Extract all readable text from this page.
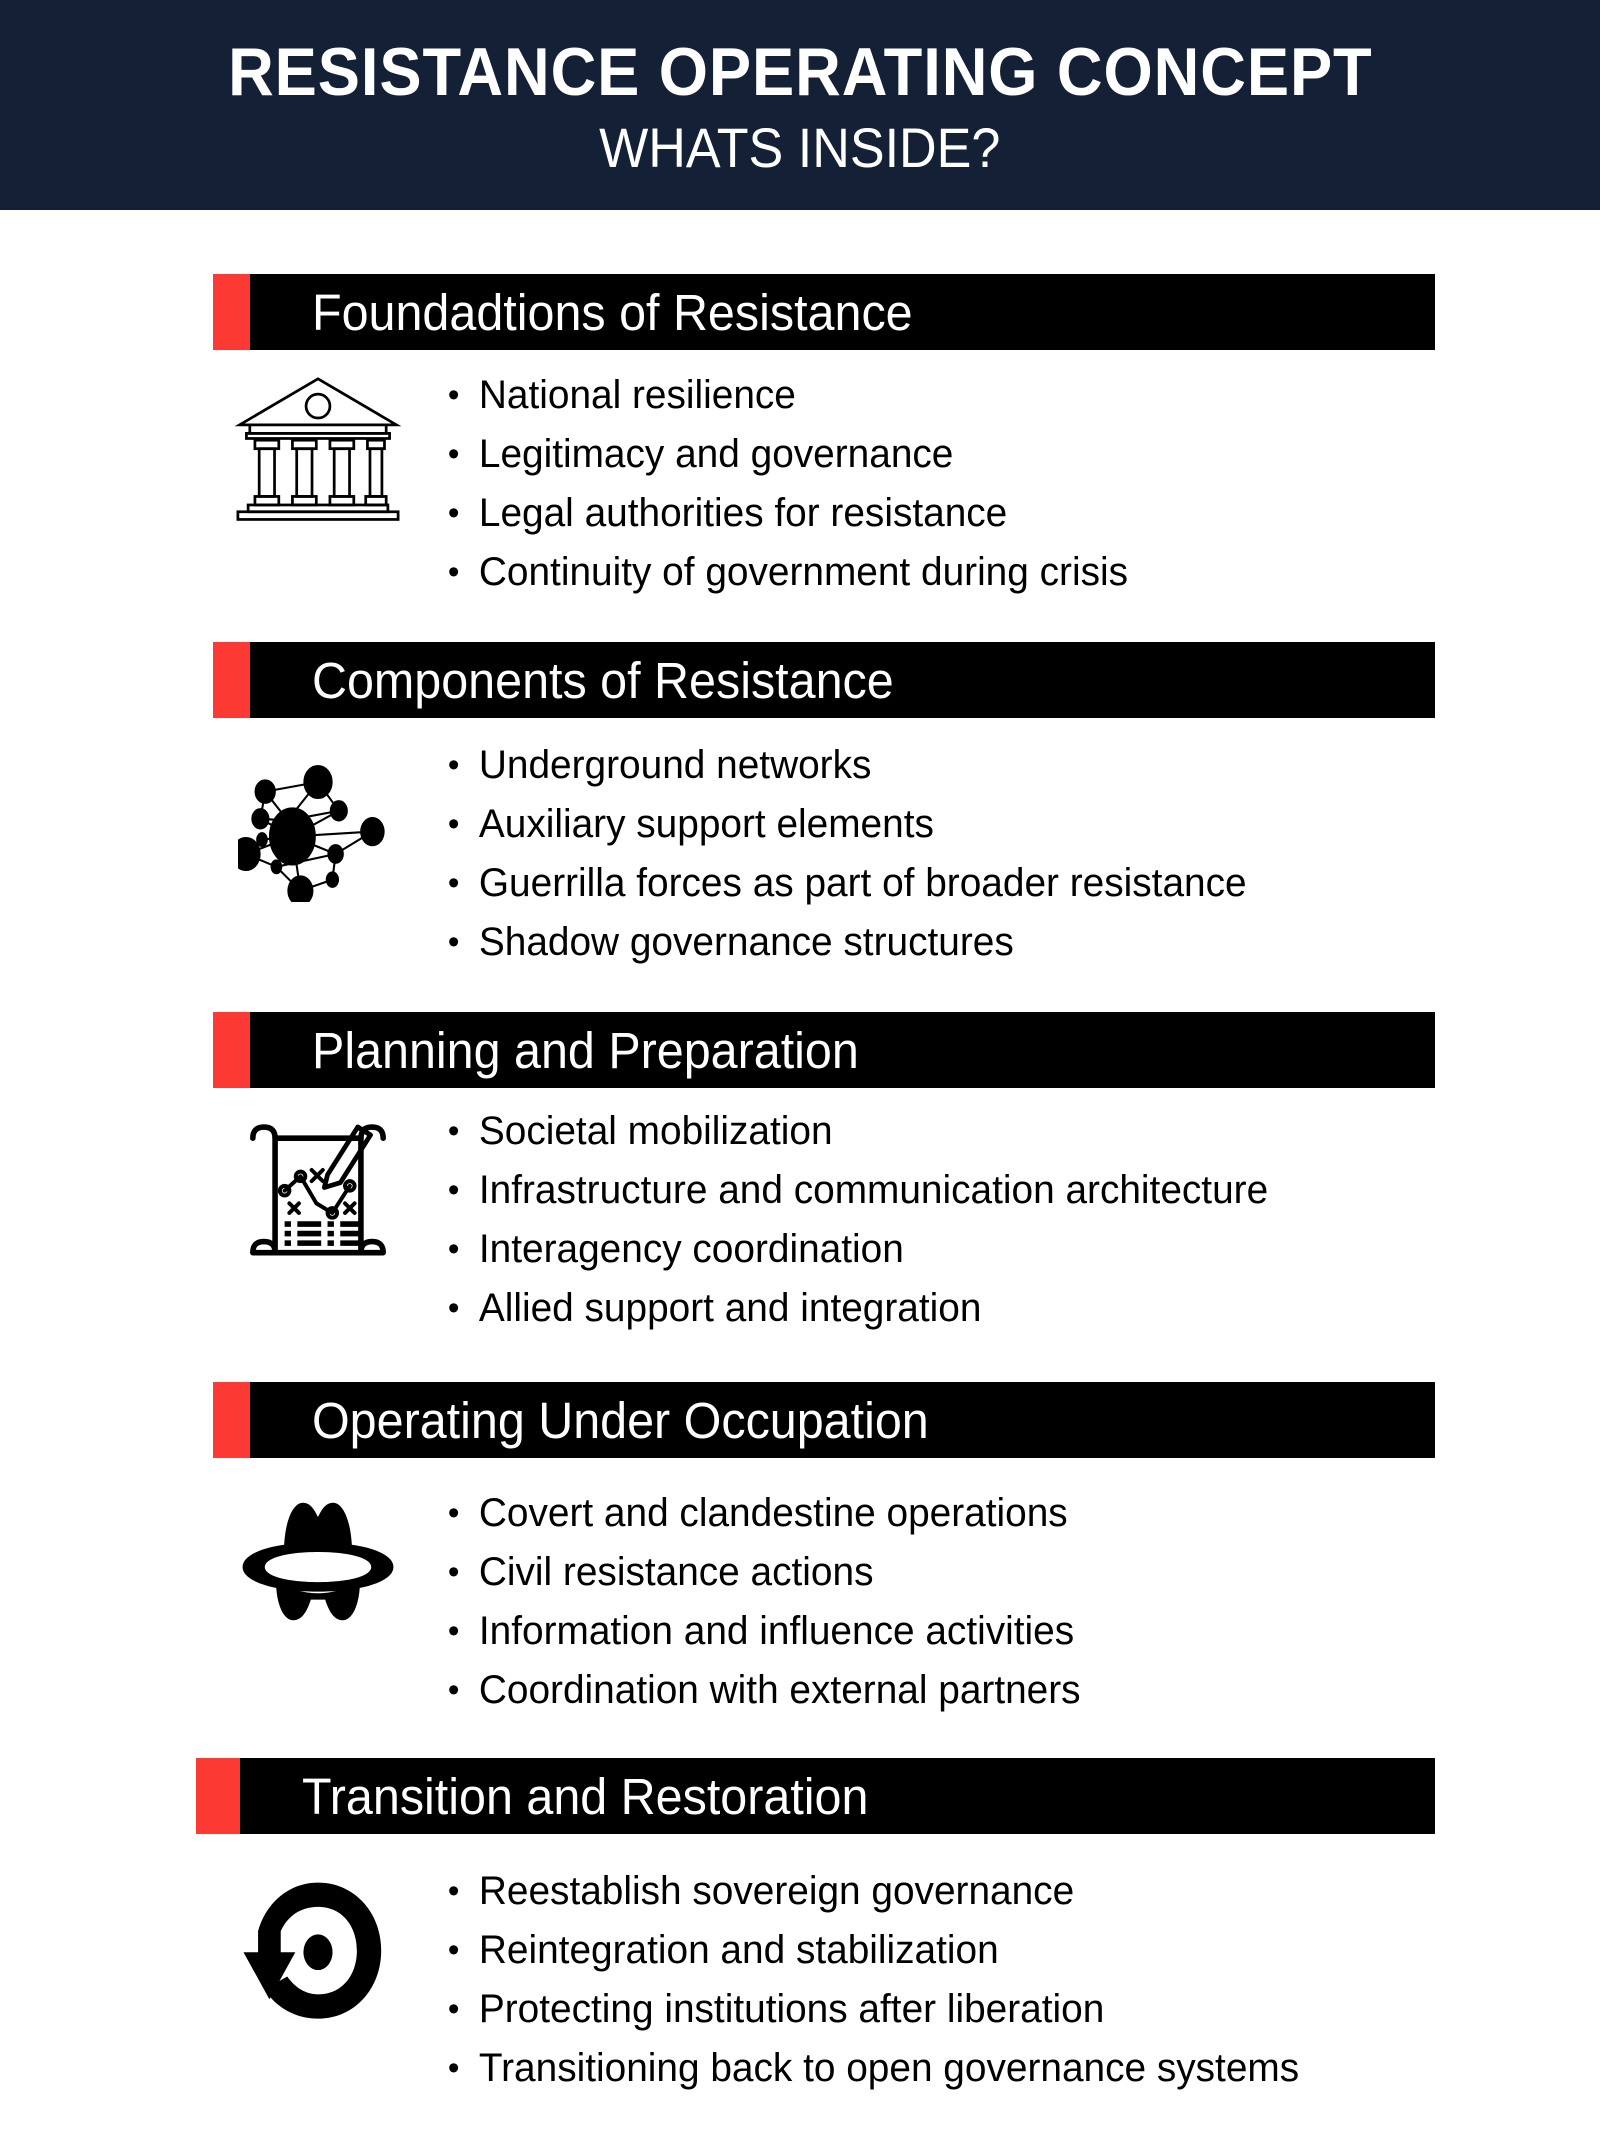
RESISTANCE OPERATING CONCEPT
WHATS INSIDE?
Foundadtions of Resistance
• National resilience
• Legitimacy and governance
• Legal authorities for resistance
• Continuity of government during crisis
Components of Resistance
• Underground networks
• Auxiliary support elements
• Guerrilla forces as part of broader resistance
• Shadow governance structures
Planning and Preparation
• Societal mobilization
• Infrastructure and communication architecture
• Interagency coordination
• Allied support and integration
Operating Under Occupation
• Covert and clandestine operations
• Civil resistance actions
• Information and influence activities
• Coordination with external partners
Transition and Restoration
• Reestablish sovereign governance
• Reintegration and stabilization
• Protecting institutions after liberation
• Transitioning back to open governance systems
